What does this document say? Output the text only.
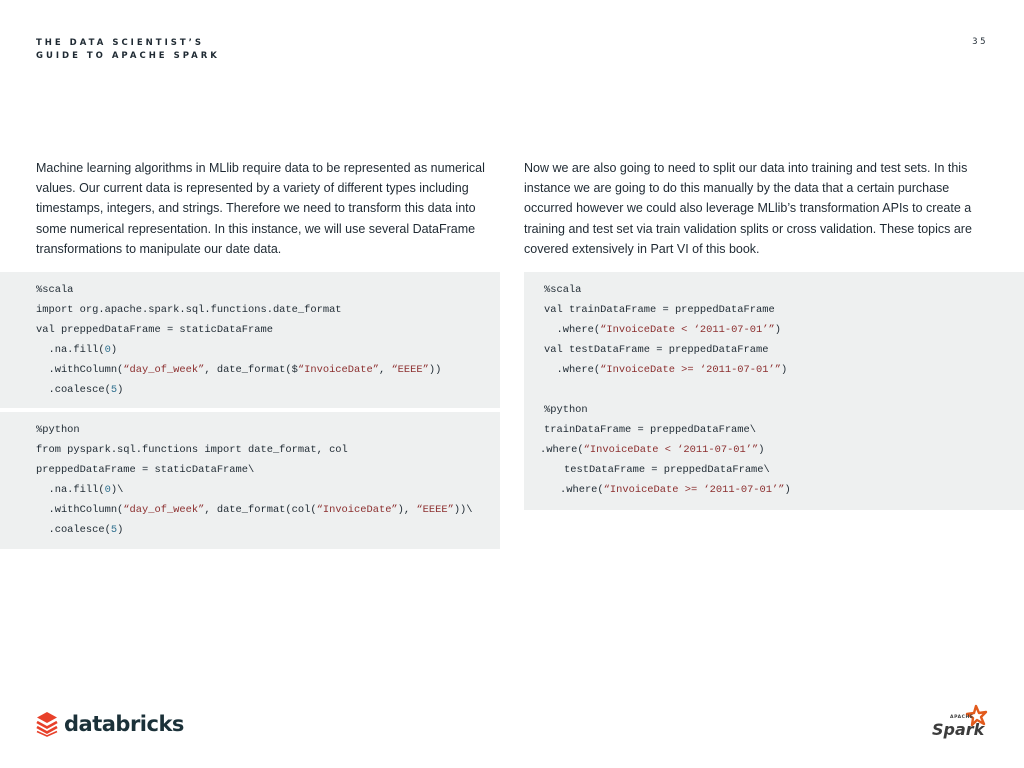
THE DATA SCIENTIST’S
GUIDE TO APACHE SPARK
35
Machine learning algorithms in MLlib require data to be represented as numerical
values. Our current data is represented by a variety of different types including
timestamps, integers, and strings. Therefore we need to transform this data into
some numerical representation. In this instance, we will use several DataFrame
transformations to manipulate our date data.
Now we are also going to need to split our data into training and test sets. In this
instance we are going to do this manually by the data that a certain purchase
occurred however we could also leverage MLlib’s transformation APIs to create a
training and test set via train validation splits or cross validation. These topics are
covered extensively in Part VI of this book.
%scala
import org.apache.spark.sql.functions.date_format
val preppedDataFrame = staticDataFrame
.na.fill(0)
.withColumn(“day_of_week”, date_format($“InvoiceDate”, “EEEE”))
.coalesce(5)
%python
from pyspark.sql.functions import date_format, col
preppedDataFrame = staticDataFrame\
.na.fill(0)\
.withColumn(“day_of_week”, date_format(col(“InvoiceDate”), “EEEE”))\
.coalesce(5)
%scala
val trainDataFrame = preppedDataFrame
.where(“InvoiceDate < ‘2011-07-01’”)
val testDataFrame = preppedDataFrame
.where(“InvoiceDate >= ‘2011-07-01’”)
%python
trainDataFrame = preppedDataFrame\
.where(“InvoiceDate < ‘2011-07-01’”)
testDataFrame = preppedDataFrame\
.where(“InvoiceDate >= ‘2011-07-01’”)
databricks	APACHE
Spark
